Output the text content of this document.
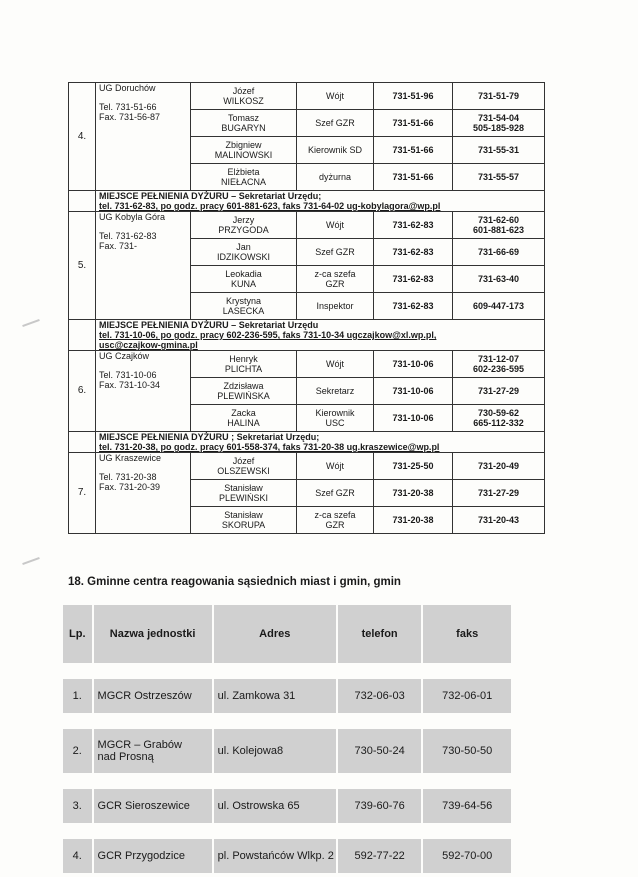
4.	UG Doruchów
Tel. 731-51-66
Fax. 731-56-87	Józef
WILKOSZ	Wójt	731-51-96	731-51-79

		Tomasz
BUGARYN	Szef GZR	731-51-66	731-54-04
505-185-928

		Zbigniew
MALINOWSKI	Kierownik SD	731-51-66	731-55-31

		Elżbieta
NIEŁACNA	dyżurna	731-51-66	731-55-57

	MIEJSCE PEŁNIENIA DYŻURU – Sekretariat Urzędu;
tel. 731-62-83, po godz. pracy 601-881-623, faks 731-64-02 ug-kobylagora@wp.pl				

5.	UG Kobyla Góra
Tel. 731-62-83
Fax. 731-	Jerzy
PRZYGODA	Wójt	731-62-83	731-62-60
601-881-623

		Jan
IDZIKOWSKI	Szef GZR	731-62-83	731-66-69

		Leokadia
KUNA	z-ca szefa
GZR	731-62-83	731-63-40

		Krystyna
LASECKA	Inspektor	731-62-83	609-447-173

	MIEJSCE PEŁNIENIA DYŻURU – Sekretariat Urzędu
tel. 731-10-06, po godz. pracy 602-236-595, faks 731-10-34 ugczajkow@xl.wp.pl,
usc@czajkow-gmina.pl				

6.	UG Czajków
Tel. 731-10-06
Fax. 731-10-34	Henryk
PLICHTA	Wójt	731-10-06	731-12-07
602-236-595

		Zdzisława
PLEWIŃSKA	Sekretarz	731-10-06	731-27-29

		Zacka
HALINA	Kierownik
USC	731-10-06	730-59-62
665-112-332

	MIEJSCE PEŁNIENIA DYŻURU ; Sekretariat Urzędu;
tel. 731-20-38, po godz. pracy 601-558-374, faks 731-20-38 ug.kraszewice@wp.pl				

7.	UG Kraszewice
Tel. 731-20-38
Fax. 731-20-39	Józef
OLSZEWSKI	Wójt	731-25-50	731-20-49

		Stanisław
PLEWIŃSKI	Szef GZR	731-20-38	731-27-29

		Stanisław
SKORUPA	z-ca szefa
GZR	731-20-38	731-20-43
18. Gminne centra reagowania sąsiednich miast i gmin, gmin
Lp.	Nazwa jednostki	Adres	telefon	faks

1.	MGCR Ostrzeszów	ul. Zamkowa 31	732-06-03	732-06-01

2.	MGCR – Grabów
nad Prosną	ul. Kolejowa8	730-50-24	730-50-50

3.	GCR Sieroszewice	ul. Ostrowska 65	739-60-76	739-64-56

4.	GCR Przygodzice	pl. Powstańców Wlkp. 2	592-77-22	592-70-00
